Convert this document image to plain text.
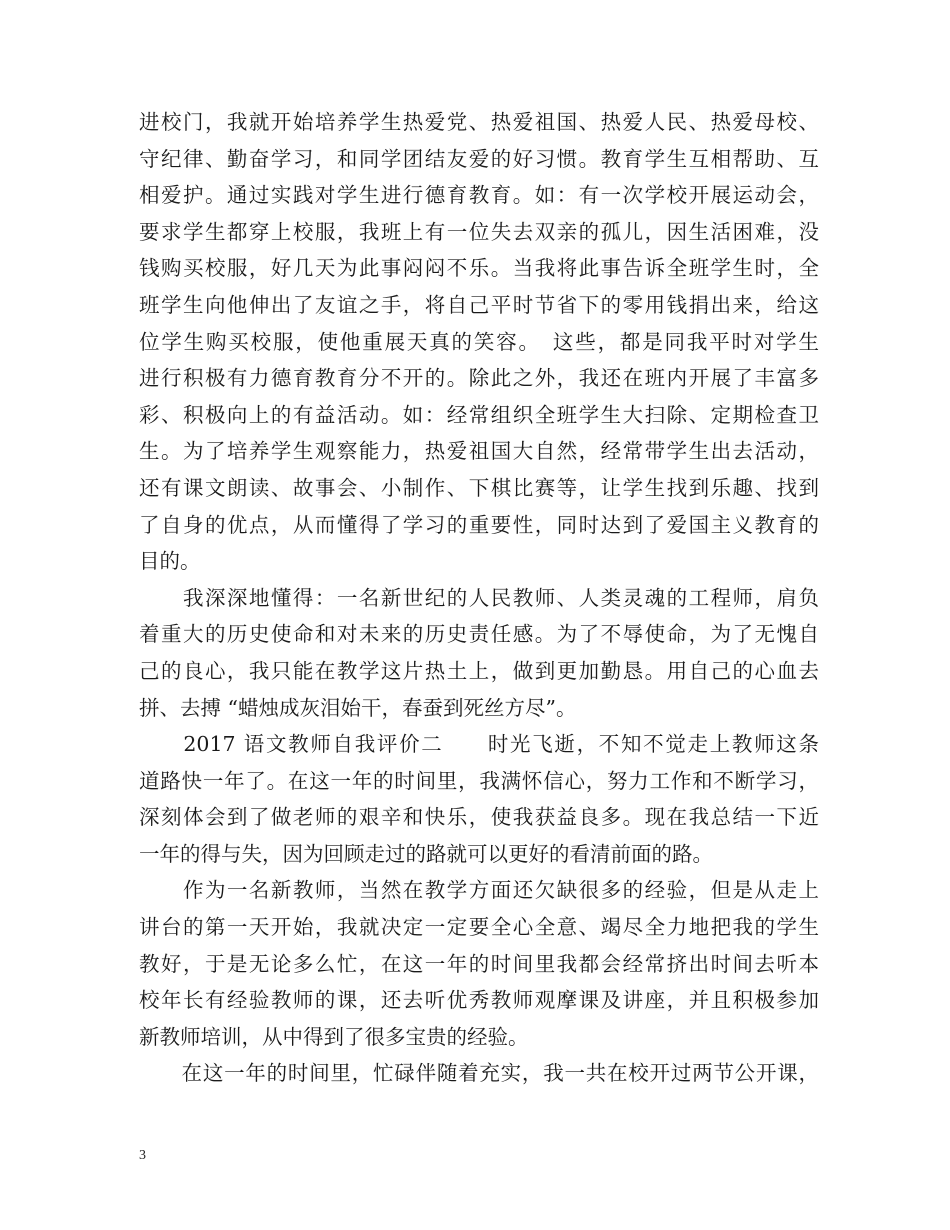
进校门，我就开始培养学生热爱党、热爱祖国、热爱人民、热爱母校、
守纪律、勤奋学习，和同学团结友爱的好习惯。教育学生互相帮助、互
相爱护。通过实践对学生进行德育教育。如：有一次学校开展运动会，
要求学生都穿上校服，我班上有一位失去双亲的孤儿，因生活困难，没
钱购买校服，好几天为此事闷闷不乐。当我将此事告诉全班学生时，全
班学生向他伸出了友谊之手，将自己平时节省下的零用钱捐出来，给这
位学生购买校服，使他重展天真的笑容。　这些，都是同我平时对学生
进行积极有力德育教育分不开的。除此之外，我还在班内开展了丰富多
彩、积极向上的有益活动。如：经常组织全班学生大扫除、定期检查卫
生。为了培养学生观察能力，热爱祖国大自然，经常带学生出去活动，
还有课文朗读、故事会、小制作、下棋比赛等，让学生找到乐趣、找到
了自身的优点，从而懂得了学习的重要性，同时达到了爱国主义教育的
目的。
　　我深深地懂得：一名新世纪的人民教师、人类灵魂的工程师，肩负
着重大的历史使命和对未来的历史责任感。为了不辱使命，为了无愧自
己的良心，我只能在教学这片热土上，做到更加勤恳。用自己的心血去
拼、去搏 “蜡烛成灰泪始干，春蚕到死丝方尽”。
　　2017 语文教师自我评价二　　时光飞逝，不知不觉走上教师这条
道路快一年了。在这一年的时间里，我满怀信心，努力工作和不断学习，
深刻体会到了做老师的艰辛和快乐，使我获益良多。现在我总结一下近
一年的得与失，因为回顾走过的路就可以更好的看清前面的路。
　　作为一名新教师，当然在教学方面还欠缺很多的经验，但是从走上
讲台的第一天开始，我就决定一定要全心全意、竭尽全力地把我的学生
教好，于是无论多么忙，在这一年的时间里我都会经常挤出时间去听本
校年长有经验教师的课，还去听优秀教师观摩课及讲座，并且积极参加
新教师培训，从中得到了很多宝贵的经验。
　　在这一年的时间里，忙碌伴随着充实，我一共在校开过两节公开课，
3
